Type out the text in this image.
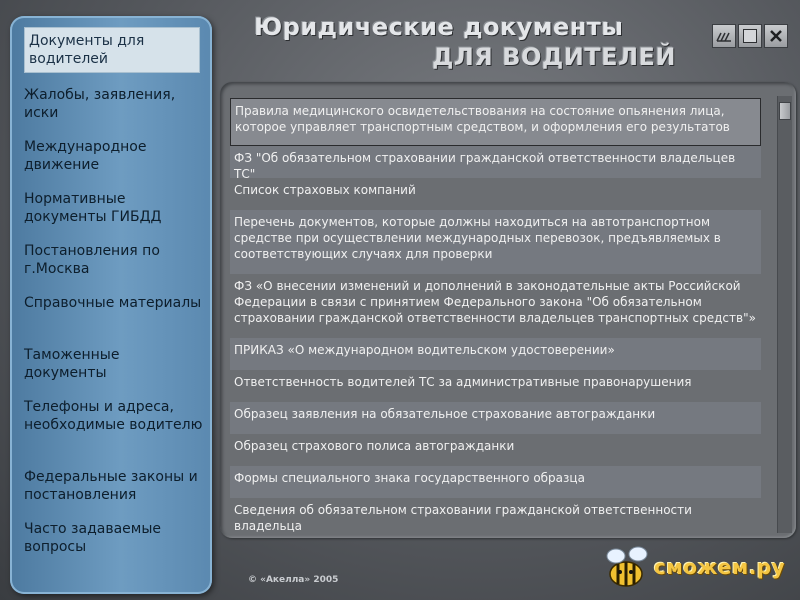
Юридические документы
ДЛЯ ВОДИТЕЛЕЙ
Документы для водителей
Жалобы, заявления, иски
Международное движение
Нормативные документы ГИБДД
Постановления по г.Москва
Справочные материалы
Таможенные документы
Телефоны и адреса, необходимые водителю
Федеральные законы и постановления
Часто задаваемые вопросы
© «Акелла» 2005
Правила медицинского освидетельствования на состояние опьянения лица, которое управляет транспортным средством, и оформления его результатов
ФЗ "Об обязательном страховании гражданской ответственности владельцев ТС"
Список страховых компаний
Перечень документов, которые должны находиться на автотранспортном средстве при осуществлении международных перевозок, предъявляемых в соответствующих случаях для проверки
ФЗ «О внесении изменений и дополнений в законодательные акты Российской Федерации в связи с принятием Федерального закона "Об обязательном страховании гражданской ответственности владельцев транспортных средств"»
ПРИКАЗ «О международном водительском удостоверении»
Ответственность водителей ТС за административные правонарушения
Образец заявления на обязательное страхование автогражданки
Образец страхового полиса автогражданки
Формы специального знака государственного образца
Сведения об обязательном страховании гражданской ответственности владельца
сможем.ру
